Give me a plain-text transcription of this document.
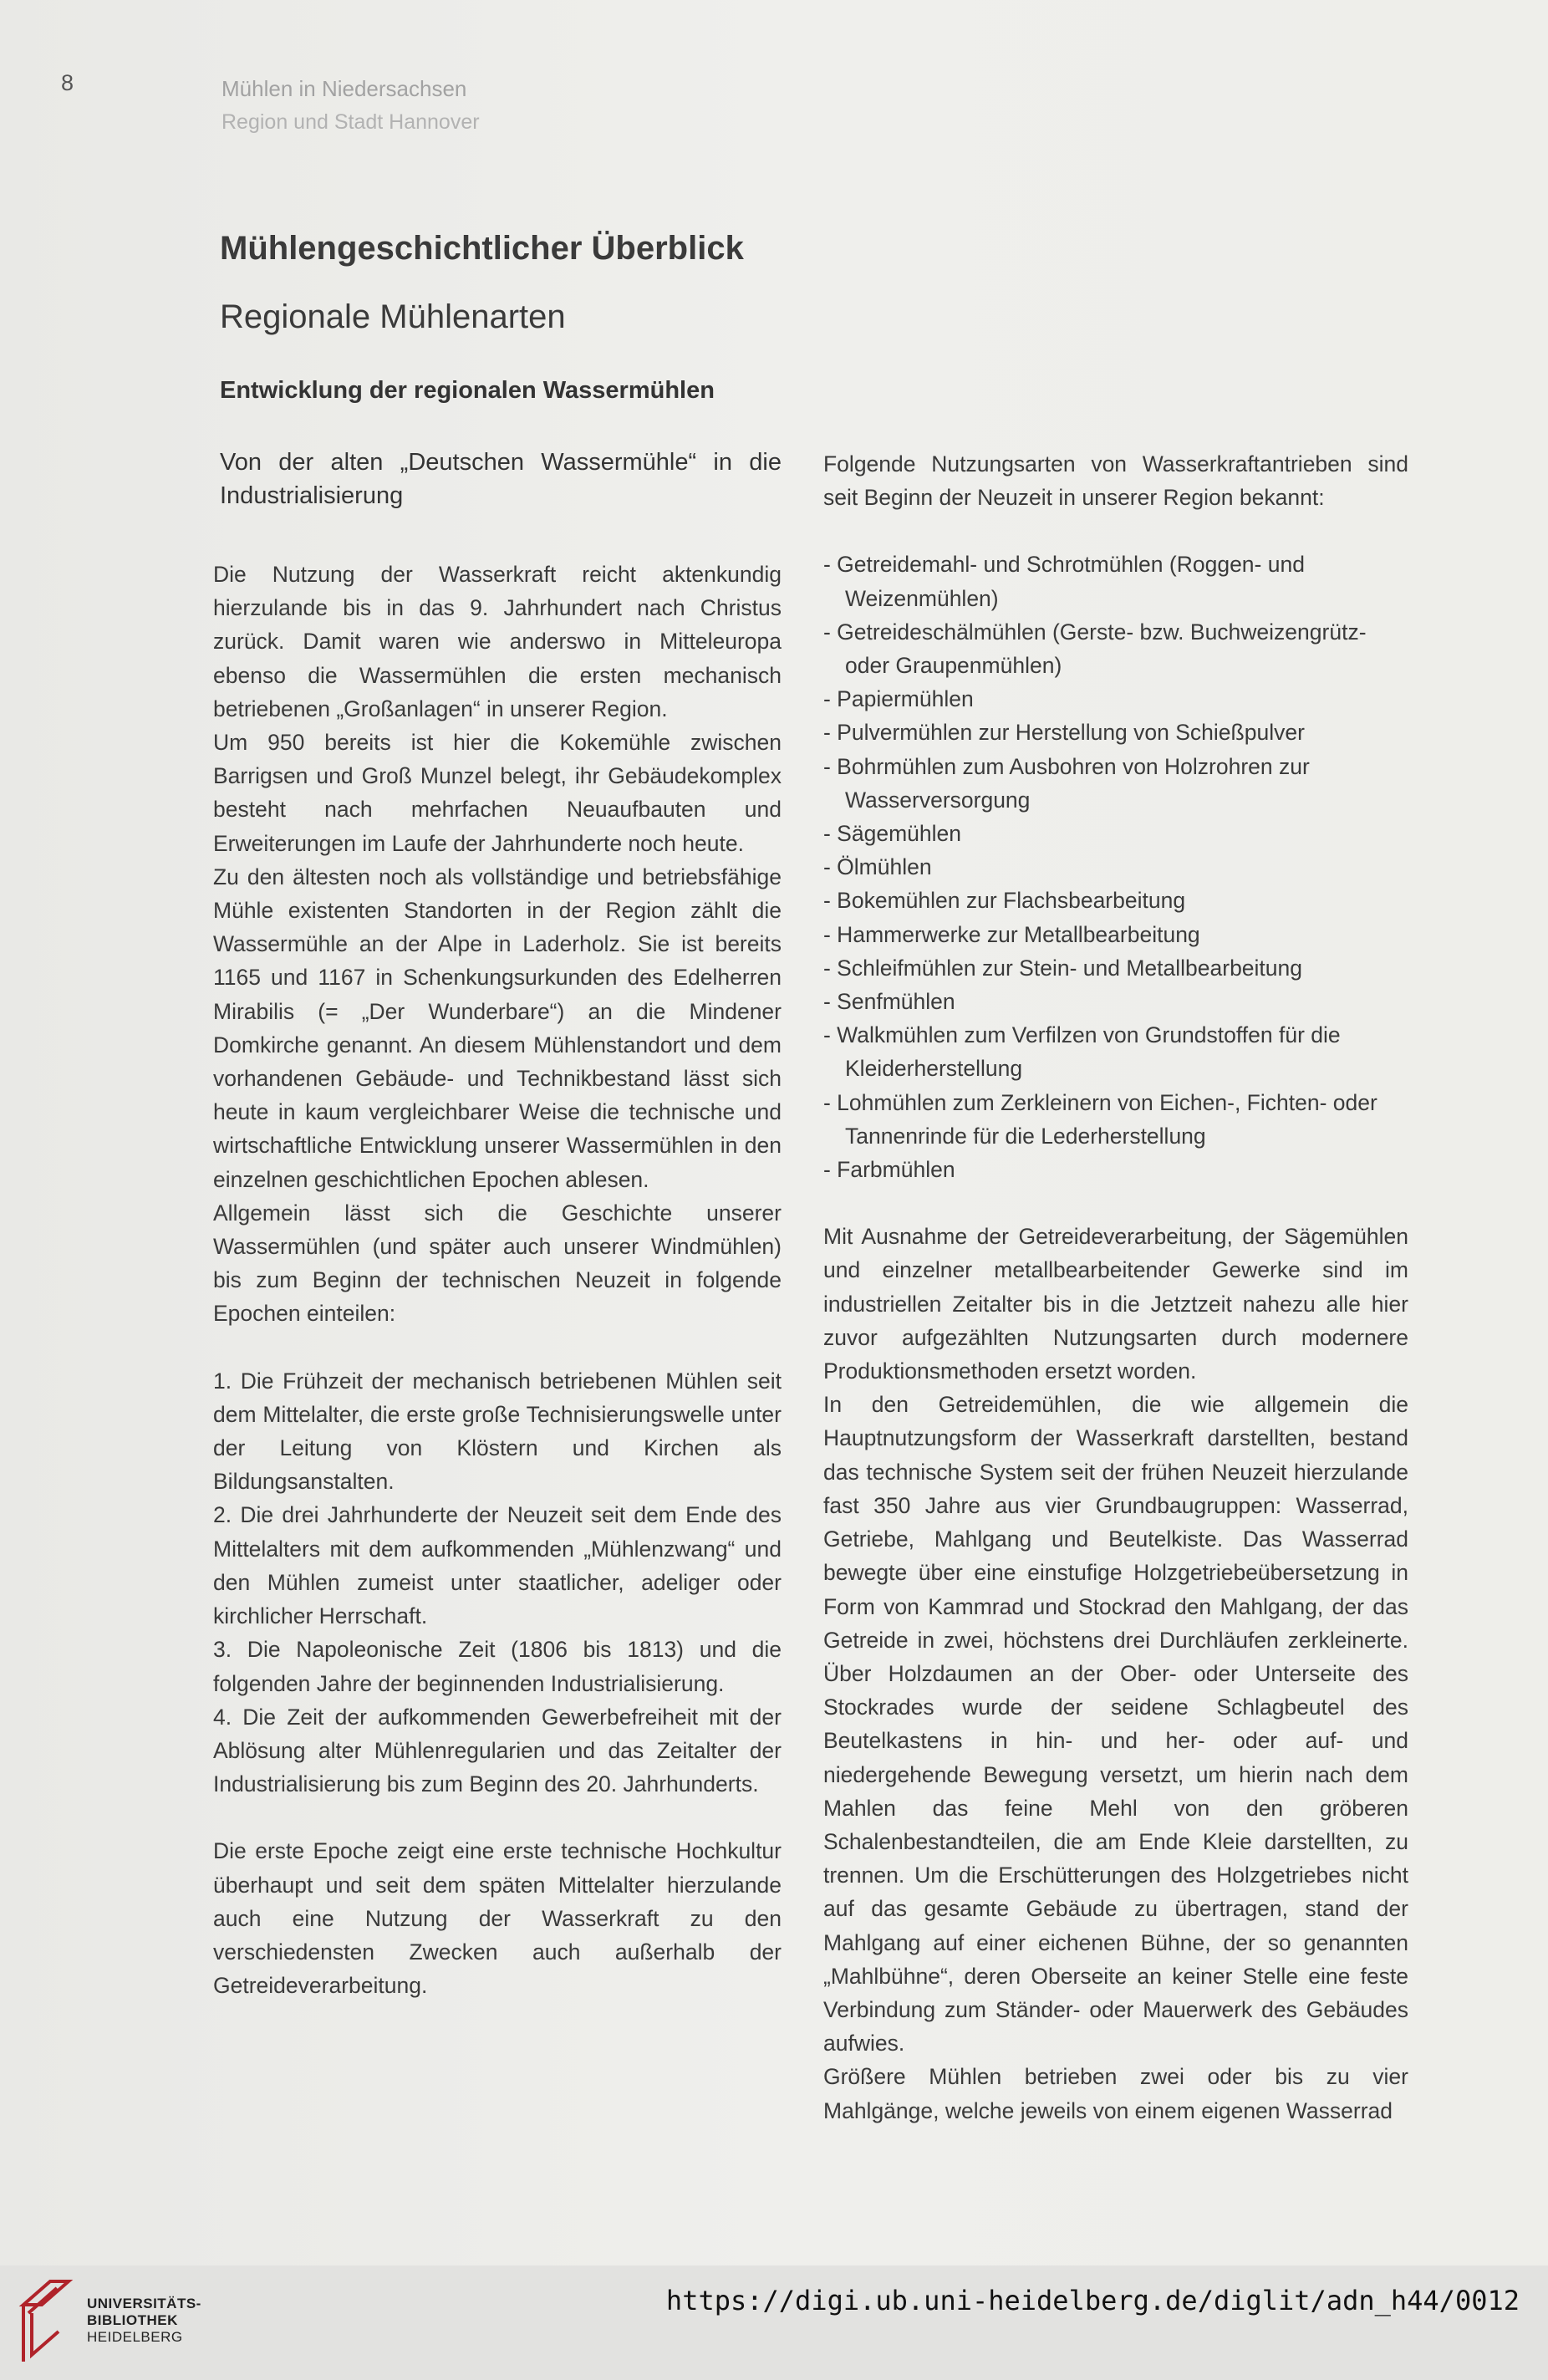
8	Mühlen in Niedersachsen
Region und Stadt Hannover
Mühlengeschichtlicher Überblick
Regionale Mühlenarten
Entwicklung der regionalen Wassermühlen

Von der alten „Deutschen Wassermühle“ in die Industrialisierung

Die Nutzung der Wasserkraft reicht aktenkundig hierzulande bis in das 9. Jahrhundert nach Christus zurück. Damit waren wie anderswo in Mitteleuropa ebenso die Wassermühlen die ersten mechanisch betriebenen „Großanlagen“ in unserer Region.

Um 950 bereits ist hier die Kokemühle zwischen Barrigsen und Groß Munzel belegt, ihr Gebäudekomplex besteht nach mehrfachen Neuaufbauten und Erweiterungen im Laufe der Jahrhunderte noch heute.

Zu den ältesten noch als vollständige und betriebsfähige Mühle existenten Standorten in der Region zählt die Wassermühle an der Alpe in Laderholz. Sie ist bereits 1165 und 1167 in Schenkungsurkunden des Edelherren Mirabilis (= „Der Wunderbare“) an die Mindener Domkirche genannt. An diesem Mühlenstandort und dem vorhandenen Gebäude- und Technikbestand lässt sich heute in kaum vergleichbarer Weise die technische und wirtschaftliche Entwicklung unserer Wassermühlen in den einzelnen geschichtlichen Epochen ablesen.

Allgemein lässt sich die Geschichte unserer Wassermühlen (und später auch unserer Windmühlen) bis zum Beginn der technischen Neuzeit in folgende Epochen einteilen:

1. Die Frühzeit der mechanisch betriebenen Mühlen seit dem Mittelalter, die erste große Technisierungswelle unter der Leitung von Klöstern und Kirchen als Bildungsanstalten.

2. Die drei Jahrhunderte der Neuzeit seit dem Ende des Mittelalters mit dem aufkommenden „Mühlenzwang“ und den Mühlen zumeist unter staatlicher, adeliger oder kirchlicher Herrschaft.

3. Die Napoleonische Zeit (1806 bis 1813) und die folgenden Jahre der beginnenden Industrialisierung.

4. Die Zeit der aufkommenden Gewerbefreiheit mit der Ablösung alter Mühlenregularien und das Zeitalter der Industrialisierung bis zum Beginn des 20. Jahrhunderts.

Die erste Epoche zeigt eine erste technische Hochkultur überhaupt und seit dem späten Mittelalter hierzulande auch eine Nutzung der Wasserkraft zu den verschiedensten Zwecken auch außerhalb der Getreideverarbeitung.

Folgende Nutzungsarten von Wasserkraftantrieben sind seit Beginn der Neuzeit in unserer Region bekannt:

- Getreidemahl- und Schrotmühlen (Roggen- und Weizenmühlen)
- Getreideschälmühlen (Gerste- bzw. Buchweizengrütz- oder Graupenmühlen)
- Papiermühlen
- Pulvermühlen zur Herstellung von Schießpulver
- Bohrmühlen zum Ausbohren von Holzrohren zur Wasserversorgung
- Sägemühlen
- Ölmühlen
- Bokemühlen zur Flachsbearbeitung
- Hammerwerke zur Metallbearbeitung
- Schleifmühlen zur Stein- und Metallbearbeitung
- Senfmühlen
- Walkmühlen zum Verfilzen von Grundstoffen für die Kleiderherstellung
- Lohmühlen zum Zerkleinern von Eichen-, Fichten- oder Tannenrinde für die Lederherstellung
- Farbmühlen

Mit Ausnahme der Getreideverarbeitung, der Sägemühlen und einzelner metallbearbeitender Gewerke sind im industriellen Zeitalter bis in die Jetztzeit nahezu alle hier zuvor aufgezählten Nutzungsarten durch modernere Produktionsmethoden ersetzt worden.

In den Getreidemühlen, die wie allgemein die Hauptnutzungsform der Wasserkraft darstellten, bestand das technische System seit der frühen Neuzeit hierzulande fast 350 Jahre aus vier Grundbaugruppen: Wasserrad, Getriebe, Mahlgang und Beutelkiste. Das Wasserrad bewegte über eine einstufige Holzgetriebeübersetzung in Form von Kammrad und Stockrad den Mahlgang, der das Getreide in zwei, höchstens drei Durchläufen zerkleinerte. Über Holzdaumen an der Ober- oder Unterseite des Stockrades wurde der seidene Schlagbeutel des Beutelkastens in hin- und her- oder auf- und niedergehende Bewegung versetzt, um hierin nach dem Mahlen das feine Mehl von den gröberen Schalenbestandteilen, die am Ende Kleie darstellten, zu trennen. Um die Erschütterungen des Holzgetriebes nicht auf das gesamte Gebäude zu übertragen, stand der Mahlgang auf einer eichenen Bühne, der so genannten „Mahlbühne“, deren Oberseite an keiner Stelle eine feste Verbindung zum Ständer- oder Mauerwerk des Gebäudes aufwies.

Größere Mühlen betrieben zwei oder bis zu vier Mahlgänge, welche jeweils von einem eigenen Wasserrad

UNIVERSITÄTS-
BIBLIOTHEK
HEIDELBERG
https://digi.ub.uni-heidelberg.de/diglit/adn_h44/0012
